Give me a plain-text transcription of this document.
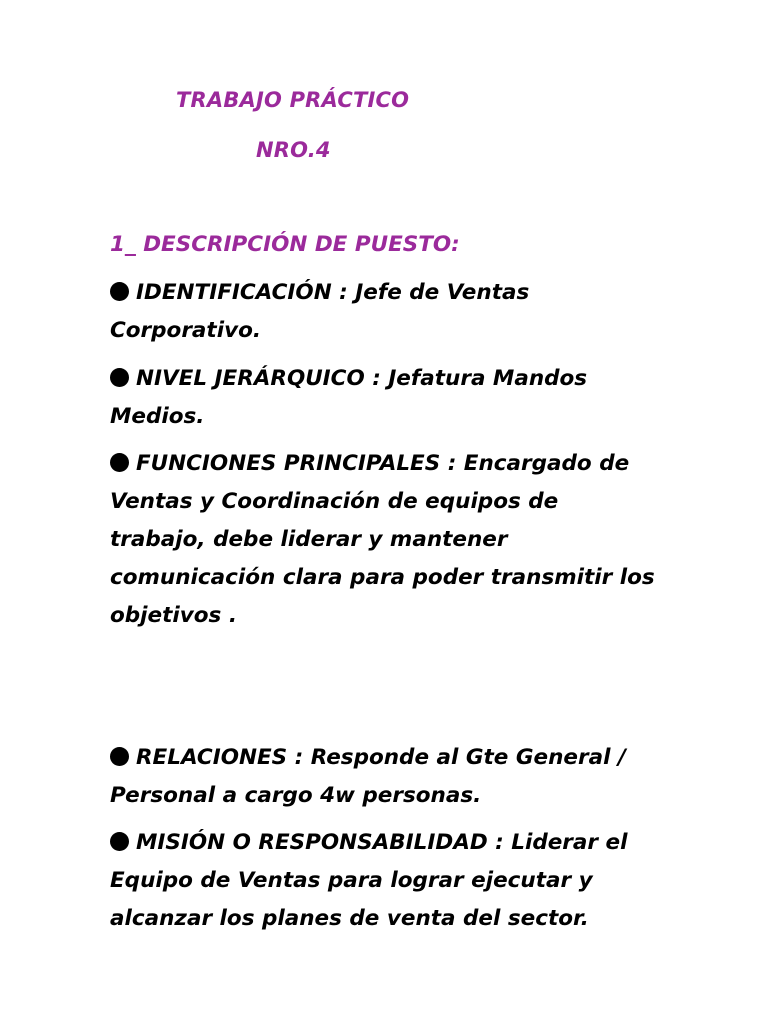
TRABAJO PRÁCTICO
NRO.4
1_ DESCRIPCIÓN DE PUESTO:

IDENTIFICACIÓN : Jefe de Ventas Corporativo.

NIVEL JERÁRQUICO : Jefatura Mandos Medios.

FUNCIONES PRINCIPALES : Encargado de Ventas y Coordinación de equipos de trabajo, debe liderar y mantener comunicación clara para poder transmitir los objetivos .

RELACIONES : Responde al Gte General / Personal a cargo 4w personas.

MISIÓN O RESPONSABILIDAD : Liderar el Equipo de Ventas para lograr ejecutar y alcanzar los planes de venta del sector.
